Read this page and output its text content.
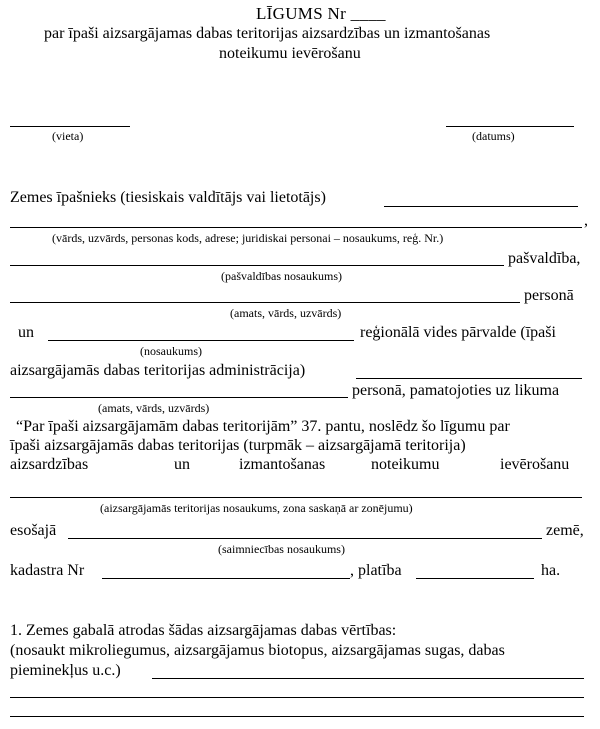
LĪGUMS Nr ____
par īpaši aizsargājamas dabas teritorijas aizsardzības un izmantošanas
noteikumu ievērošanu
(vieta)	(datums)
Zemes īpašnieks (tiesiskais valdītājs vai lietotājs)
,
(vārds, uzvārds, personas kods, adrese; juridiskai personai – nosaukums, reģ. Nr.)
pašvaldība,
(pašvaldības nosaukums)
personā
(amats, vārds, uzvārds)
un	reģionālā vides pārvalde (īpaši
(nosaukums)
aizsargājamās dabas teritorijas administrācija)
personā, pamatojoties uz likuma
(amats, vārds, uzvārds)
“Par īpaši aizsargājamām dabas teritorijām” 37. pantu, noslēdz šo līgumu par
īpaši aizsargājamās dabas teritorijas (turpmāk – aizsargājamā teritorija)
aizsardzības	un	izmantošanas	noteikumu	ievērošanu
(aizsargājamās teritorijas nosaukums, zona saskaņā ar zonējumu)
esošajā	zemē,
(saimniecības nosaukums)
kadastra Nr	, platība	ha.
1. Zemes gabalā atrodas šādas aizsargājamas dabas vērtības:
(nosaukt mikroliegumus, aizsargājamus biotopus, aizsargājamas sugas, dabas
pieminekļus u.c.)
